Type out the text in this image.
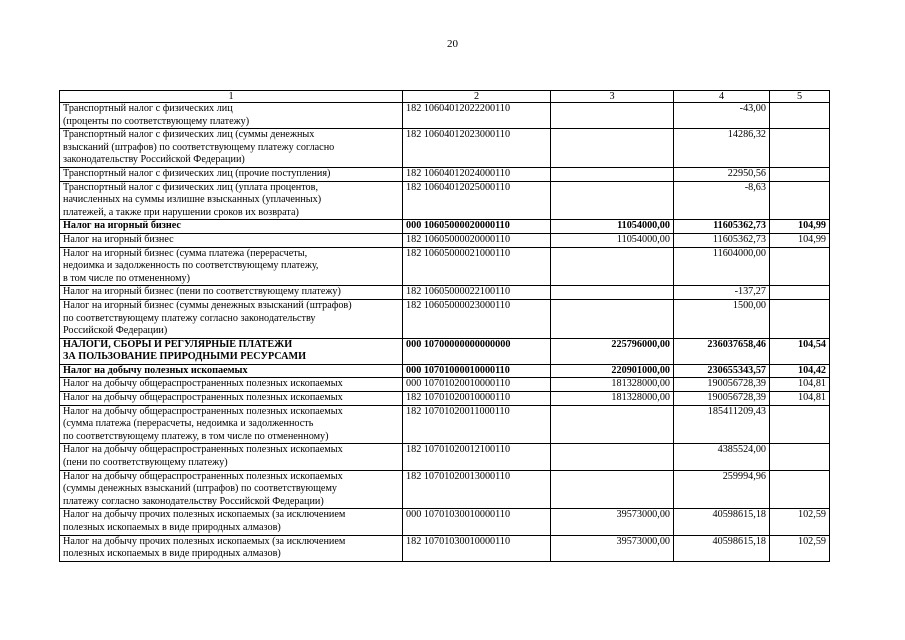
20
1	2	3	4	5

Транспортный налог с физических лиц
(проценты по соответствующему платежу)	182 10604012022200110		-43,00	

Транспортный налог с физических лиц (суммы денежных
взысканий (штрафов) по соответствующему платежу согласно
законодательству Российской Федерации)	182 10604012023000110		14286,32	

Транспортный налог с физических лиц (прочие поступления)	182 10604012024000110		22950,56	

Транспортный налог с физических лиц (уплата процентов,
начисленных на суммы излишне взысканных (уплаченных)
платежей, а также при нарушении сроков их возврата)	182 10604012025000110		-8,63	

Налог на игорный бизнес	000 10605000020000110	11054000,00	11605362,73	104,99

Налог на игорный бизнес	182 10605000020000110	11054000,00	11605362,73	104,99

Налог на игорный бизнес (сумма платежа (перерасчеты,
недоимка и задолженность по соответствующему платежу,
в том числе по отмененному)	182 10605000021000110		11604000,00	

Налог на игорный бизнес (пени по соответствующему платежу)	182 10605000022100110		-137,27	

Налог на игорный бизнес (суммы денежных взысканий (штрафов)
по соответствующему платежу согласно законодательству
Российской Федерации)	182 10605000023000110		1500,00	

НАЛОГИ, СБОРЫ И РЕГУЛЯРНЫЕ ПЛАТЕЖИ
ЗА ПОЛЬЗОВАНИЕ ПРИРОДНЫМИ РЕСУРСАМИ	000 10700000000000000	225796000,00	236037658,46	104,54

Налог на добычу полезных ископаемых	000 10701000010000110	220901000,00	230655343,57	104,42

Налог на добычу общераспространенных полезных ископаемых	000 10701020010000110	181328000,00	190056728,39	104,81

Налог на добычу общераспространенных полезных ископаемых	182 10701020010000110	181328000,00	190056728,39	104,81

Налог на добычу общераспространенных полезных ископаемых
(сумма платежа (перерасчеты, недоимка и задолженность
по соответствующему платежу, в том числе по отмененному)	182 10701020011000110		185411209,43	

Налог на добычу общераспространенных полезных ископаемых
(пени по соответствующему платежу)	182 10701020012100110		4385524,00	

Налог на добычу общераспространенных полезных ископаемых
(суммы денежных взысканий (штрафов) по соответствующему
платежу согласно законодательству Российской Федерации)	182 10701020013000110		259994,96	

Налог на добычу прочих полезных ископаемых (за исключением
полезных ископаемых в виде природных алмазов)	000 10701030010000110	39573000,00	40598615,18	102,59

Налог на добычу прочих полезных ископаемых (за исключением
полезных ископаемых в виде природных алмазов)	182 10701030010000110	39573000,00	40598615,18	102,59
